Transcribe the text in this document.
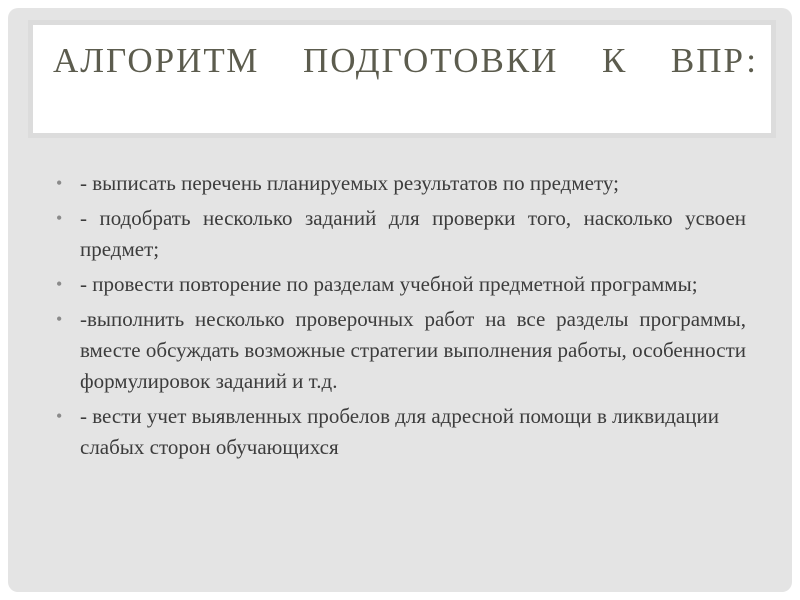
АЛГОРИТМ ПОДГОТОВКИ К ВПР:
• - выписать перечень планируемых результатов по предмету;
• - подобрать несколько заданий для проверки того, насколько усвоен предмет;
• - провести повторение по разделам учебной предметной программы;
• -выполнить несколько проверочных работ на все разделы программы, вместе обсуждать возможные стратегии выполнения работы, особенности формулировок заданий и т.д.
• - вести учет выявленных пробелов для адресной помощи в ликвидации слабых сторон обучающихся
